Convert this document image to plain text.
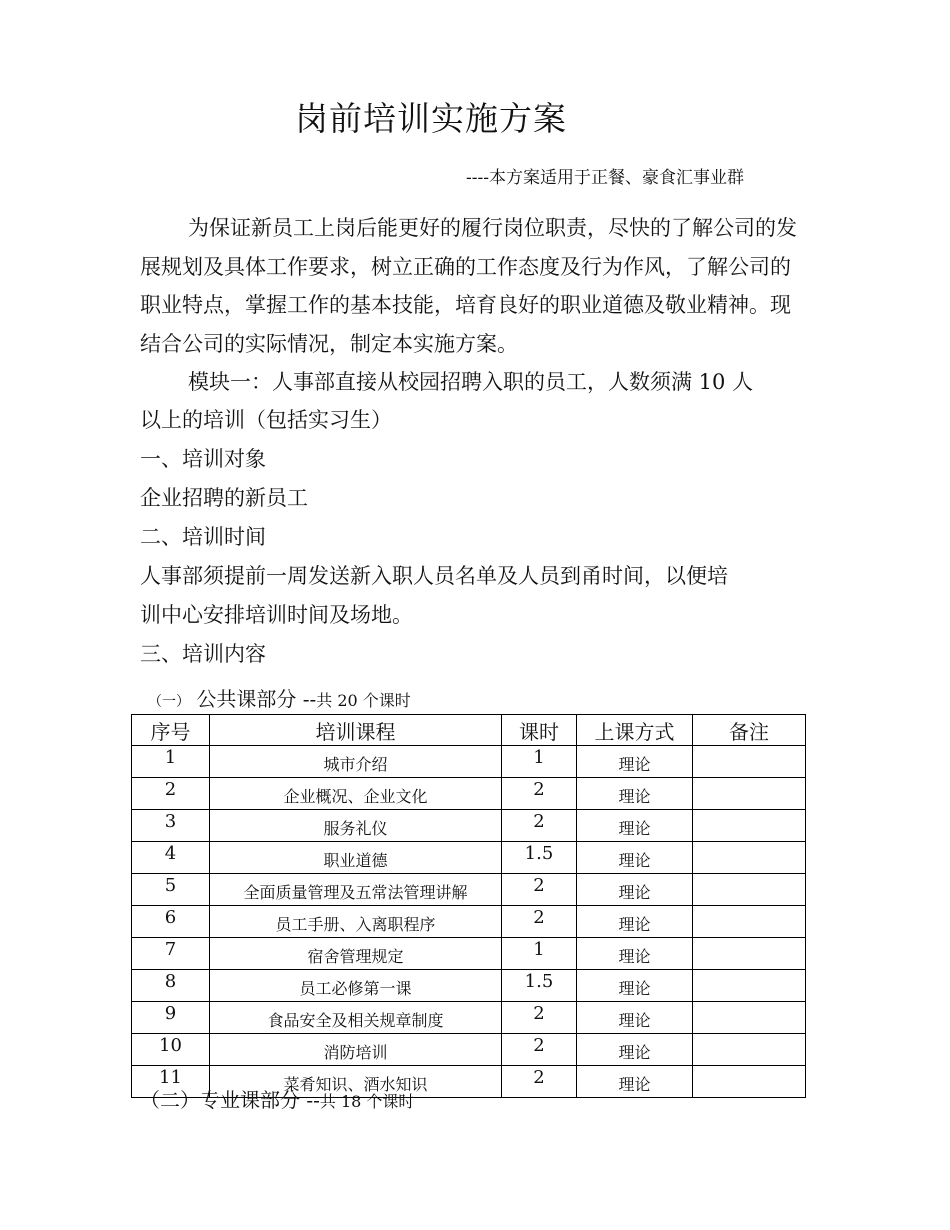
岗前培训实施方案
----本方案适用于正餐、豪食汇事业群
为保证新员工上岗后能更好的履行岗位职责，尽快的了解公司的发展规划及具体工作要求，树立正确的工作态度及行为作风，了解公司的职业特点，掌握工作的基本技能，培育良好的职业道德及敬业精神。现结合公司的实际情况，制定本实施方案。
模块一：人事部直接从校园招聘入职的员工，人数须满 10 人
以上的培训（包括实习生）
一、培训对象
企业招聘的新员工
二、培训时间
人事部须提前一周发送新入职人员名单及人员到甬时间，以便培
训中心安排培训时间及场地。
三、培训内容
（一） 公共课部分 --共 20 个课时
序号	培训课程	课时	上课方式	备注
1	城市介绍	1	理论	
2	企业概况、企业文化	2	理论	
3	服务礼仪	2	理论	
4	职业道德	1.5	理论	
5	全面质量管理及五常法管理讲解	2	理论	
6	员工手册、入离职程序	2	理论	
7	宿舍管理规定	1	理论	
8	员工必修第一课	1.5	理论	
9	食品安全及相关规章制度	2	理论	
10	消防培训	2	理论	
11	菜肴知识、酒水知识	2	理论	
（二）专业课部分 --共 18 个课时
